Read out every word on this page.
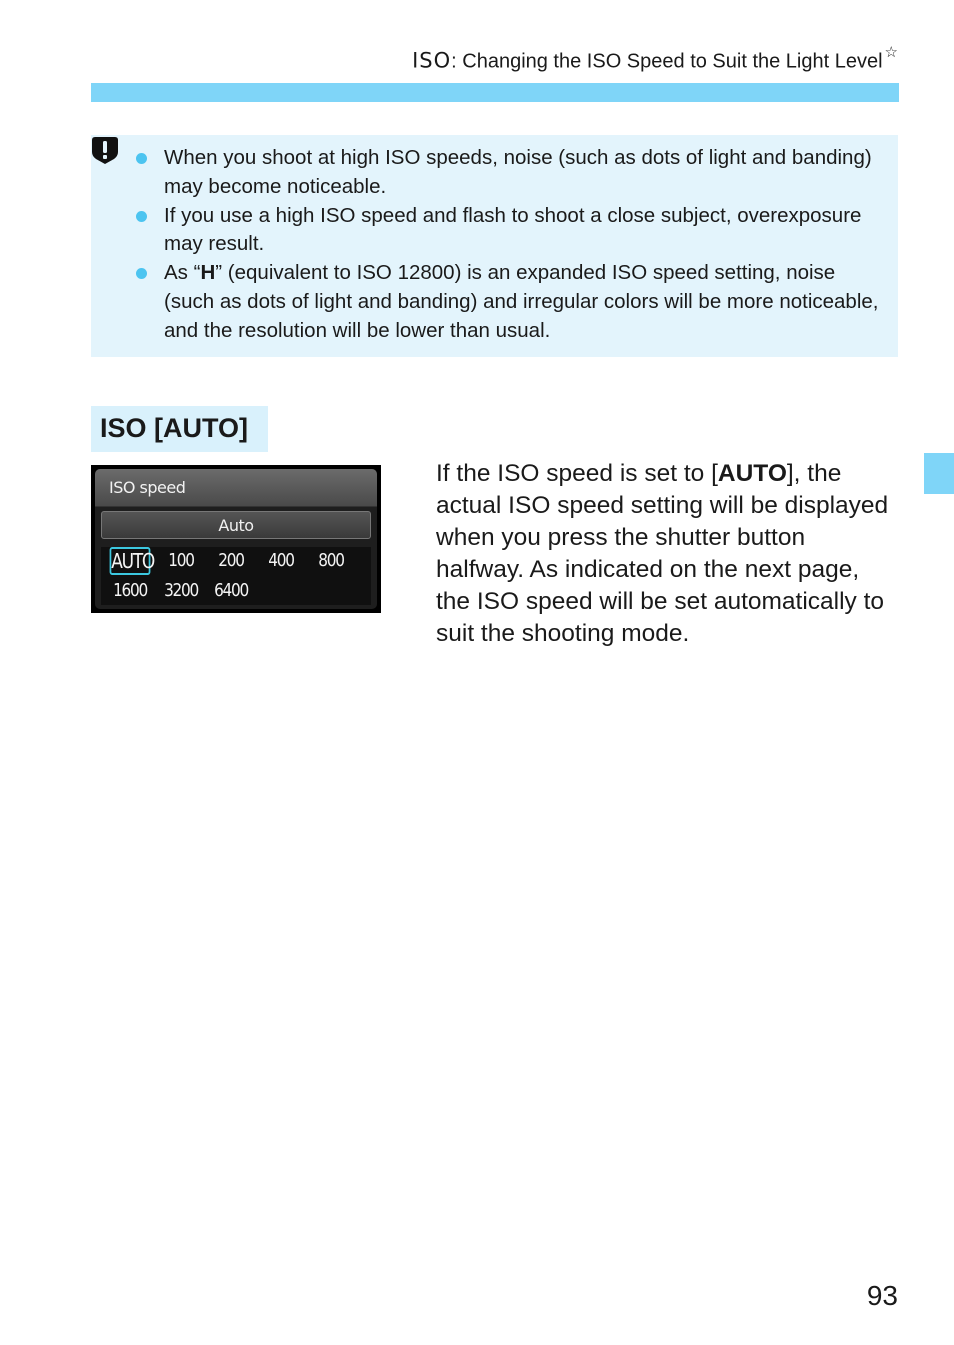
ISO: Changing the ISO Speed to Suit the Light Level ☆
When you shoot at high ISO speeds, noise (such as dots of light and banding) may become noticeable.
If you use a high ISO speed and flash to shoot a close subject, overexposure may result.
As “H” (equivalent to ISO 12800) is an expanded ISO speed setting, noise (such as dots of light and banding) and irregular colors will be more noticeable, and the resolution will be lower than usual.
ISO [AUTO]
ISO speed
Auto
AUTO 100	200	400	800
1600 3200 6400
If the ISO speed is set to [AUTO], the actual ISO speed setting will be displayed when you press the shutter button halfway. As indicated on the next page, the ISO speed will be set automatically to suit the shooting mode.
93
